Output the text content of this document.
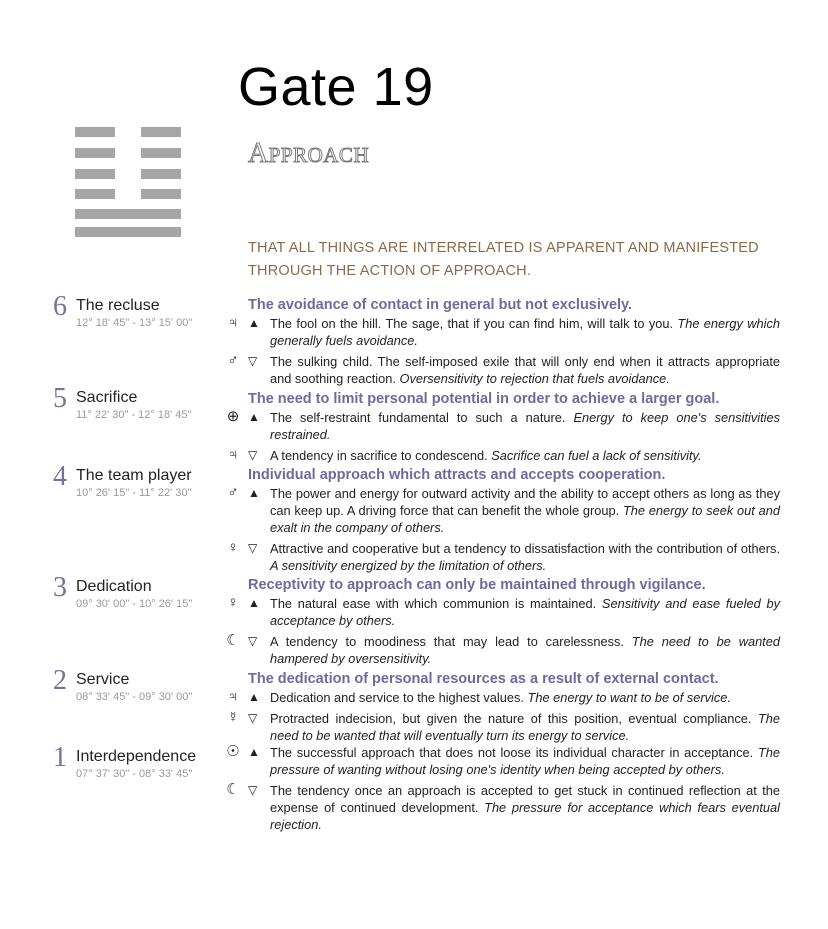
Gate 19
APPROACH
THAT ALL THINGS ARE INTERRELATED IS APPARENT AND MANIFESTED THROUGH THE ACTION OF APPROACH.
6 The recluse
12° 18' 45" - 13° 15' 00"
The avoidance of contact in general but not exclusively.
♃ ▲ The fool on the hill. The sage, that if you can find him, will talk to you. The energy which generally fuels avoidance.
♂ ▽ The sulking child. The self-imposed exile that will only end when it attracts appropriate and soothing reaction. Oversensitivity to rejection that fuels avoidance.
5 Sacrifice
11° 22' 30" - 12° 18' 45"
The need to limit personal potential in order to achieve a larger goal.
⊕ ▲ The self-restraint fundamental to such a nature. Energy to keep one's sensitivities restrained.
♃ ▽ A tendency in sacrifice to condescend. Sacrifice can fuel a lack of sensitivity.
4 The team player
10° 26' 15" - 11° 22' 30"
Individual approach which attracts and accepts cooperation.
♂ ▲ The power and energy for outward activity and the ability to accept others as long as they can keep up. A driving force that can benefit the whole group. The energy to seek out and exalt in the company of others.
♀ ▽ Attractive and cooperative but a tendency to dissatisfaction with the contribution of others. A sensitivity energized by the limitation of others.
3 Dedication
09° 30' 00" - 10° 26' 15"
Receptivity to approach can only be maintained through vigilance.
♀ ▲ The natural ease with which communion is maintained. Sensitivity and ease fueled by acceptance by others.
☾ ▽ A tendency to moodiness that may lead to carelessness. The need to be wanted hampered by oversensitivity.
2 Service
08° 33' 45" - 09° 30' 00"
The dedication of personal resources as a result of external contact.
♃ ▲ Dedication and service to the highest values. The energy to want to be of service.
☿ ▽ Protracted indecision, but given the nature of this position, eventual compliance. The need to be wanted that will eventually turn its energy to service.
1 Interdependence
07° 37' 30" - 08° 33' 45"
☉ ▲ The successful approach that does not loose its individual character in acceptance. The pressure of wanting without losing one's identity when being accepted by others.
☾ ▽ The tendency once an approach is accepted to get stuck in continued reflection at the expense of continued development. The pressure for acceptance which fears eventual rejection.
